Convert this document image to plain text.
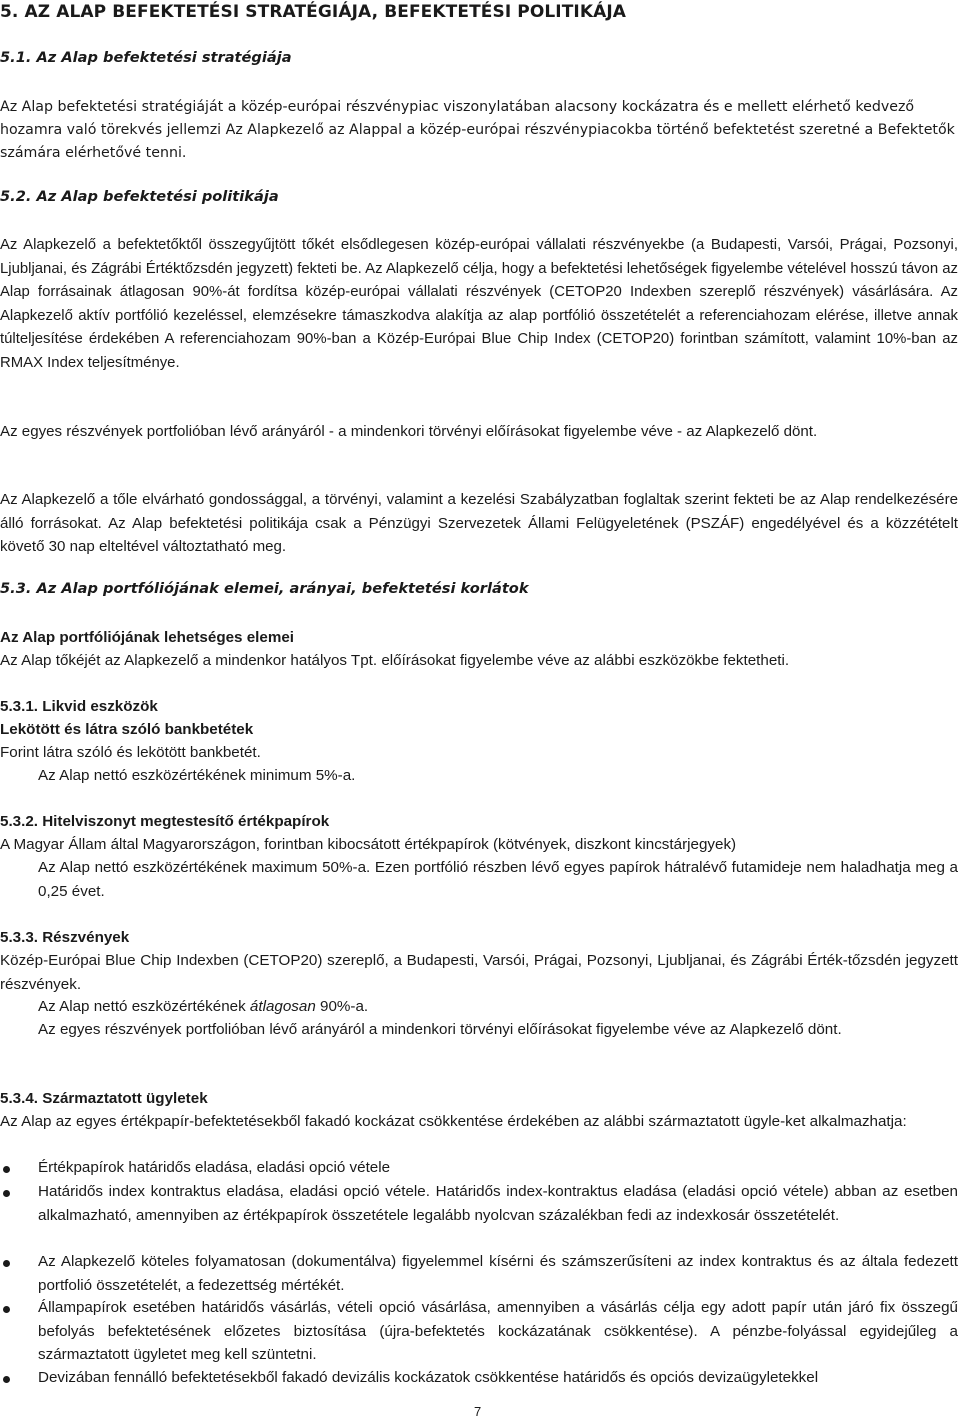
5. AZ ALAP BEFEKTETÉSI STRATÉGIÁJA, BEFEKTETÉSI POLITIKÁJA
5.1. Az Alap befektetési stratégiája
Az Alap befektetési stratégiáját a közép-európai részvénypiac viszonylatában alacsony kockázatra és e mellett elérhető kedvező hozamra való törekvés jellemzi Az Alapkezelő az Alappal a közép-európai részvénypiacokba történő befektetést szeretné a Befektetők számára elérhetővé tenni.
5.2. Az Alap befektetési politikája
Az Alapkezelő a befektetőktől összegyűjtött tőkét elsődlegesen közép-európai vállalati részvényekbe (a Budapesti, Varsói, Prágai, Pozsonyi, Ljubljanai, és Zágrábi Értéktőzsdén jegyzett) fekteti be. Az Alapkezelő célja, hogy a befektetési lehetőségek figyelembe vételével hosszú távon az Alap forrásainak átlagosan 90%-át fordítsa közép-európai vállalati részvények (CETOP20 Indexben szereplő részvények) vásárlására. Az Alapkezelő aktív portfólió kezeléssel, elemzésekre támaszkodva alakítja az alap portfólió összetételét a referenciahozam elérése, illetve annak túlteljesítése érdekében A referenciahozam 90%-ban a Közép-Európai Blue Chip Index (CETOP20) forintban számított, valamint 10%-ban az RMAX Index teljesítménye.
Az egyes részvények portfolióban lévő arányáról - a mindenkori törvényi előírásokat figyelembe véve - az Alapkezelő dönt.
Az Alapkezelő a tőle elvárható gondossággal, a törvényi, valamint a kezelési Szabályzatban foglaltak szerint fekteti be az Alap rendelkezésére álló forrásokat. Az Alap befektetési politikája csak a Pénzügyi Szervezetek Állami Felügyeletének (PSZÁF) engedélyével és a közzétételt követő 30 nap elteltével változtatható meg.
5.3. Az Alap portfóliójának elemei, arányai, befektetési korlátok
Az Alap portfóliójának lehetséges elemei
Az Alap tőkéjét az Alapkezelő a mindenkor hatályos Tpt. előírásokat figyelembe véve az alábbi eszközökbe fektetheti.
5.3.1. Likvid eszközök
Lekötött és látra szóló bankbetétek
Forint látra szóló és lekötött bankbetét.
Az Alap nettó eszközértékének minimum 5%-a.
5.3.2. Hitelviszonyt megtestesítő értékpapírok
A Magyar Állam által Magyarországon, forintban kibocsátott értékpapírok (kötvények, diszkont kincstárjegyek)
Az Alap nettó eszközértékének maximum 50%-a. Ezen portfólió részben lévő egyes papírok hátralévő futamideje nem haladhatja meg a 0,25 évet.
5.3.3. Részvények
Közép-Európai Blue Chip Indexben (CETOP20) szereplő, a Budapesti, Varsói, Prágai, Pozsonyi, Ljubljanai, és Zágrábi Érték-tőzsdén jegyzett részvények.
Az Alap nettó eszközértékének átlagosan 90%-a.
Az egyes részvények portfolióban lévő arányáról a mindenkori törvényi előírásokat figyelembe véve az Alapkezelő dönt.
5.3.4. Származtatott ügyletek
Az Alap az egyes értékpapír-befektetésekből fakadó kockázat csökkentése érdekében az alábbi származtatott ügyle-ket alkalmazhatja:
Értékpapírok határidős eladása, eladási opció vétele
Határidős index kontraktus eladása, eladási opció vétele. Határidős index-kontraktus eladása (eladási opció vétele) abban az esetben alkalmazható, amennyiben az értékpapírok összetétele legalább nyolcvan százalékban fedi az indexkosár összetételét.
Az Alapkezelő köteles folyamatosan (dokumentálva) figyelemmel kísérni és számszerűsíteni az index kontraktus és az általa fedezett portfolió összetételét, a fedezettség mértékét.
Állampapírok esetében határidős vásárlás, vételi opció vásárlása, amennyiben a vásárlás célja egy adott papír után járó fix összegű befolyás befektetésének előzetes biztosítása (újra-befektetés kockázatának csökkentése). A pénzbe-folyással egyidejűleg a származtatott ügyletet meg kell szüntetni.
Devizában fennálló befektetésekből fakadó devizális kockázatok csökkentése határidős és opciós devizaügyletekkel
7
